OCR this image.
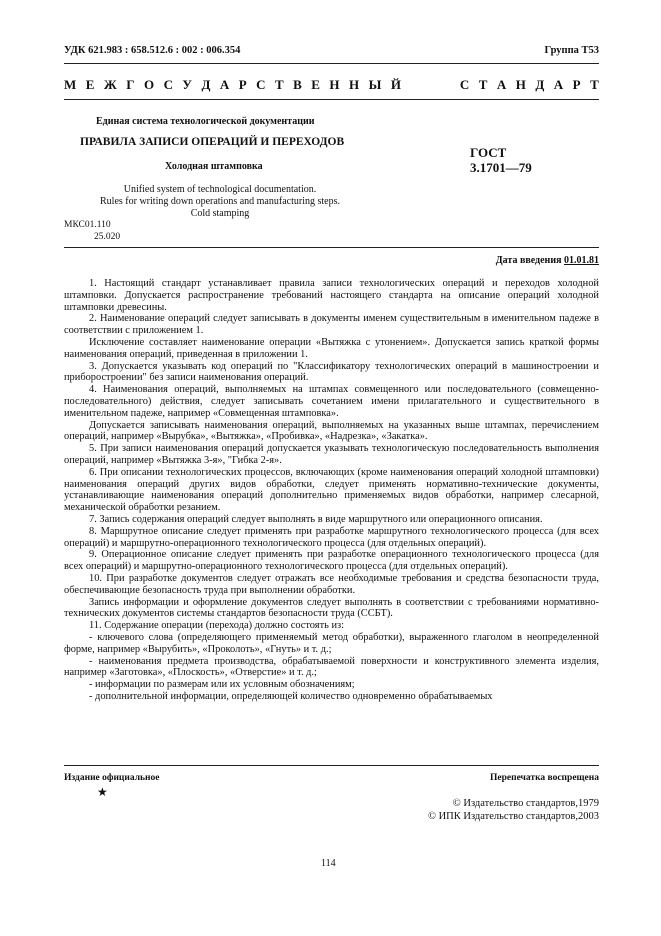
УДК 621.983 : 658.512.6 : 002 : 006.354	Группа Т53
М Е Ж Г О С У Д А Р С Т В Е Н Н Ы Й	С Т А Н Д А Р Т
Единая система технологической документации
ПРАВИЛА ЗАПИСИ ОПЕРАЦИЙ И ПЕРЕХОДОВ
Холодная штамповка
ГОСТ
3.1701—79
Unified system of technological documentation.
Rules for writing down operations and manufacturing steps.
Cold stamping
МКС01.110
25.020
Дата введения 01.01.81

1. Настоящий стандарт устанавливает правила записи технологических операций и переходов холодной штамповки. Допускается распространение требований настоящего стандарта на описание операций холодной штамповки древесины.

2. Наименование операций следует записывать в документы именем существительным в именительном падеже в соответствии с приложением 1.

Исключение составляет наименование операции «Вытяжка с утонением». Допускается запись краткой формы наименования операций, приведенная в приложении 1.

3. Допускается указывать код операций по "Классификатору технологических операций в машиностроении и приборостроении" без записи наименования операций.

4. Наименования операций, выполняемых на штампах совмещенного или последовательного (совмещенно-последовательного) действия, следует записывать сочетанием имени прилагательного и существительного в именительном падеже, например «Совмещенная штамповка».

Допускается записывать наименования операций, выполняемых на указанных выше штампах, перечислением операций, например «Вырубка», «Вытяжка», «Пробивка», «Надрезка», «Закатка».

5. При записи наименования операций допускается указывать технологическую последовательность выполнения операций, например «Вытяжка 3-я», "Гибка 2-я».

6. При описании технологических процессов, включающих (кроме наименования операций холодной штамповки) наименования операций других видов обработки, следует применять нормативно-технические документы, устанавливающие наименования операций дополнительно применяемых видов обработки, например слесарной, механической обработки резанием.

7. Запись содержания операций следует выполнять в виде маршрутного или операционного описания.

8. Маршрутное описание следует применять при разработке маршрутного технологического процесса (для всех операций) и маршрутно-операционного технологического процесса (для отдельных операций).

9. Операционное описание следует применять при разработке операционного технологического процесса (для всех операций) и маршрутно-операционного технологического процесса (для отдельных операций).

10. При разработке документов следует отражать все необходимые требования и средства безопасности труда, обеспечивающие безопасность труда при выполнении обработки.

Запись информации и оформление документов следует выполнять в соответствии с требованиями нормативно-технических документов системы стандартов безопасности труда (ССБТ).

11. Содержание операции (перехода) должно состоять из:

- ключевого слова (определяющего применяемый метод обработки), выраженного глаголом в неопределенной форме, например «Вырубить», «Проколоть», «Гнуть» и т. д.;

- наименования предмета производства, обрабатываемой поверхности и конструктивного элемента изделия, например «Заготовка», «Плоскость», «Отверстие» и т. д.;

- информации по размерам или их условным обозначениям;

- дополнительной информации, определяющей количество одновременно обрабатываемых

Издание официальное	Перепечатка воспрещена
★
© Издательство стандартов,1979
© ИПК Издательство стандартов,2003
114
